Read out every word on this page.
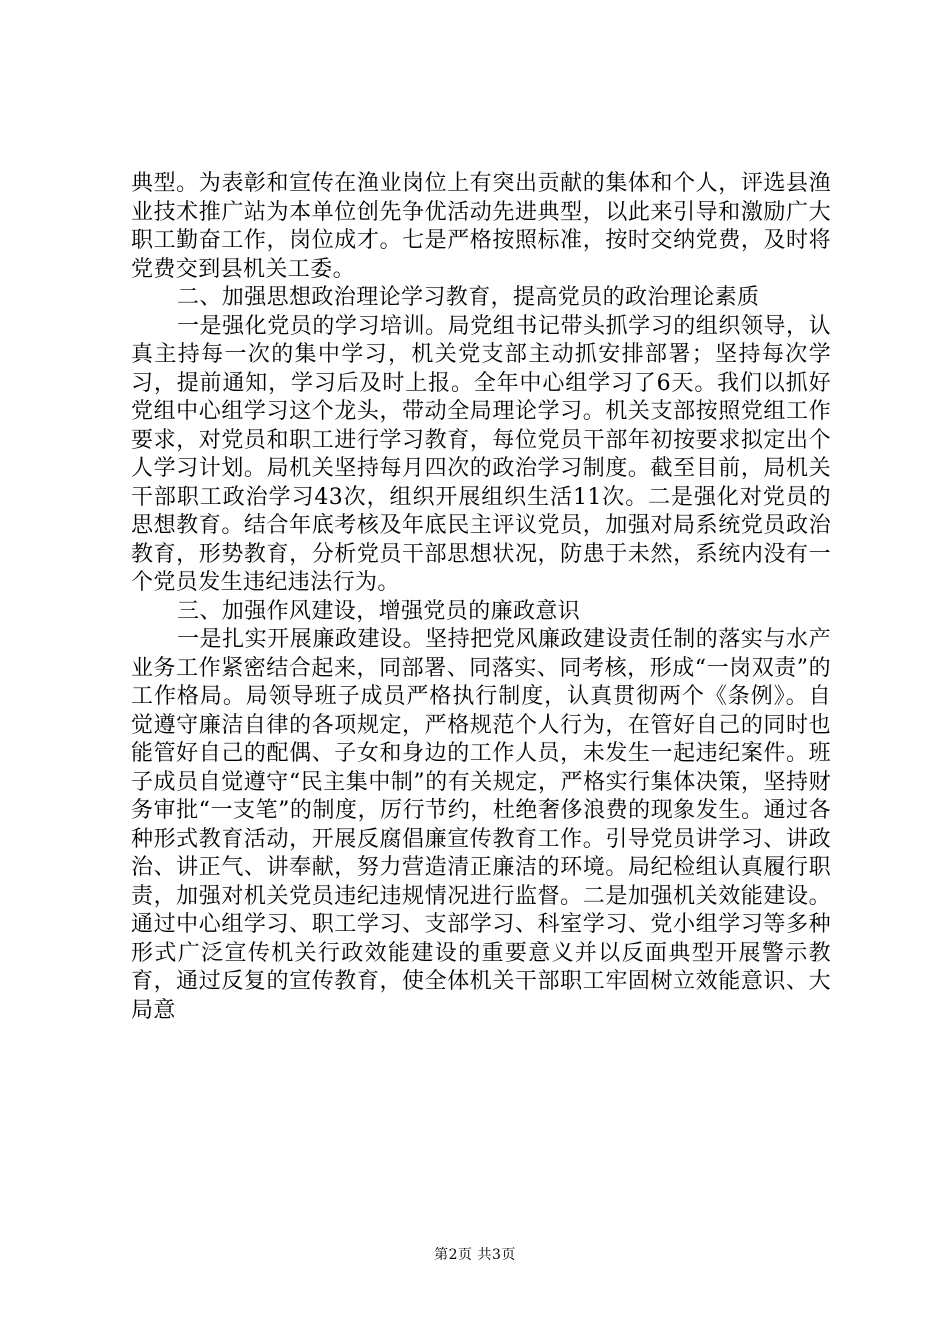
典型。为表彰和宣传在渔业岗位上有突出贡献的集体和个人，评选县渔业技术推广站为本单位创先争优活动先进典型，以此来引导和激励广大职工勤奋工作，岗位成才。七是严格按照标准，按时交纳党费，及时将党费交到县机关工委。

二、加强思想政治理论学习教育，提高党员的政治理论素质

一是强化党员的学习培训。局党组书记带头抓学习的组织领导，认真主持每一次的集中学习，机关党支部主动抓安排部署；坚持每次学习，提前通知，学习后及时上报。全年中心组学习了6天。我们以抓好党组中心组学习这个龙头，带动全局理论学习。机关支部按照党组工作要求，对党员和职工进行学习教育，每位党员干部年初按要求拟定出个人学习计划。局机关坚持每月四次的政治学习制度。截至目前，局机关干部职工政治学习43次，组织开展组织生活11次。二是强化对党员的思想教育。结合年底考核及年底民主评议党员，加强对局系统党员政治教育，形势教育，分析党员干部思想状况，防患于未然，系统内没有一个党员发生违纪违法行为。

三、加强作风建设，增强党员的廉政意识

一是扎实开展廉政建设。坚持把党风廉政建设责任制的落实与水产业务工作紧密结合起来，同部署、同落实、同考核，形成“一岗双责”的工作格局。局领导班子成员严格执行制度，认真贯彻两个《条例》。自觉遵守廉洁自律的各项规定，严格规范个人行为，在管好自己的同时也能管好自己的配偶、子女和身边的工作人员，未发生一起违纪案件。班子成员自觉遵守“民主集中制”的有关规定，严格实行集体决策，坚持财务审批“一支笔”的制度，厉行节约，杜绝奢侈浪费的现象发生。通过各种形式教育活动，开展反腐倡廉宣传教育工作。引导党员讲学习、讲政治、讲正气、讲奉献，努力营造清正廉洁的环境。局纪检组认真履行职责，加强对机关党员违纪违规情况进行监督。二是加强机关效能建设。通过中心组学习、职工学习、支部学习、科室学习、党小组学习等多种形式广泛宣传机关行政效能建设的重要意义并以反面典型开展警示教育，通过反复的宣传教育，使全体机关干部职工牢固树立效能意识、大局意

第2页 共3页
